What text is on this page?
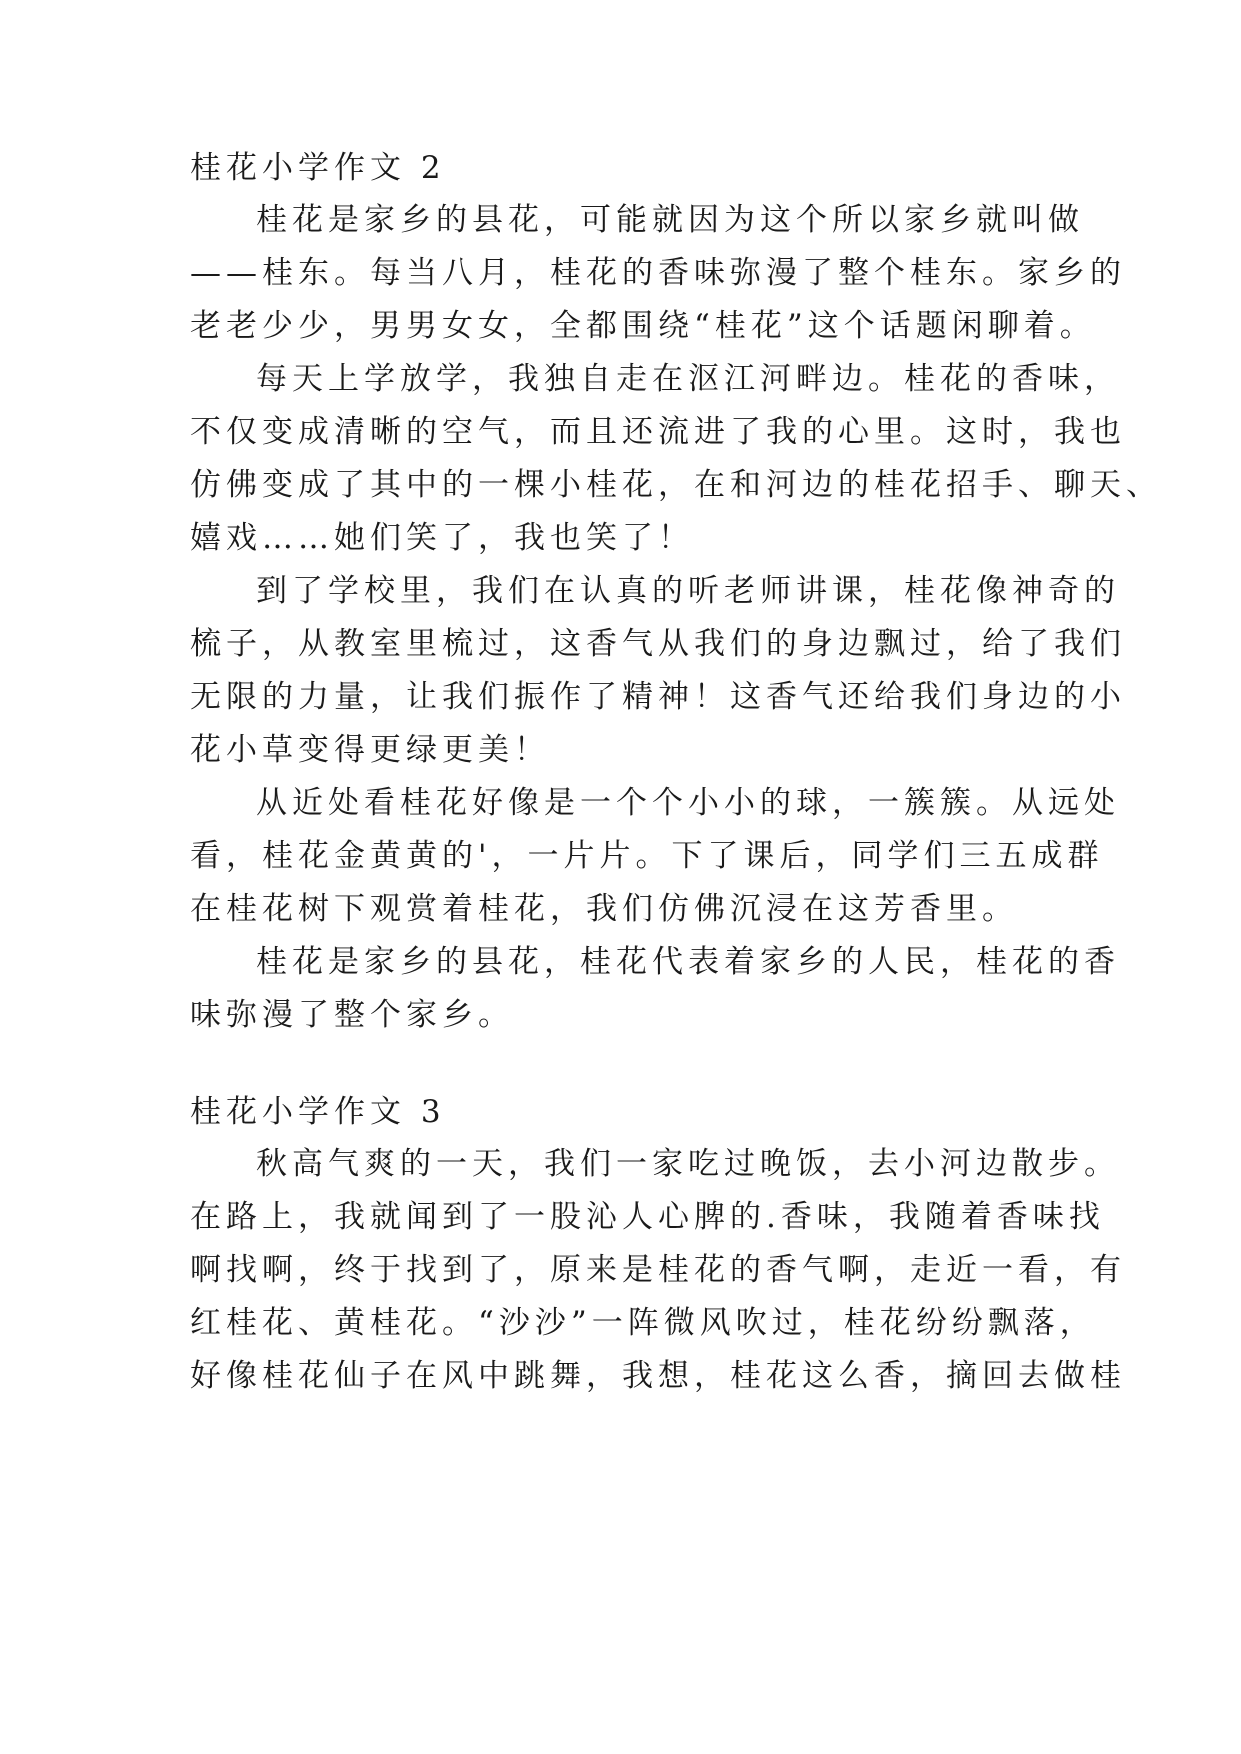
桂花小学作文 2
桂花是家乡的县花，可能就因为这个所以家乡就叫做
——桂东。每当八月，桂花的香味弥漫了整个桂东。家乡的
老老少少，男男女女，全都围绕“桂花”这个话题闲聊着。
每天上学放学，我独自走在沤江河畔边。桂花的香味，
不仅变成清晰的空气，而且还流进了我的心里。这时，我也
仿佛变成了其中的一棵小桂花，在和河边的桂花招手、聊天、
嬉戏……她们笑了，我也笑了！
到了学校里，我们在认真的听老师讲课，桂花像神奇的
梳子，从教室里梳过，这香气从我们的身边飘过，给了我们
无限的力量，让我们振作了精神！这香气还给我们身边的小
花小草变得更绿更美！
从近处看桂花好像是一个个小小的球，一簇簇。从远处
看，桂花金黄黄的'，一片片。下了课后，同学们三五成群
在桂花树下观赏着桂花，我们仿佛沉浸在这芳香里。
桂花是家乡的县花，桂花代表着家乡的人民，桂花的香
味弥漫了整个家乡。
桂花小学作文 3
秋高气爽的一天，我们一家吃过晚饭，去小河边散步。
在路上，我就闻到了一股沁人心脾的.香味，我随着香味找
啊找啊，终于找到了，原来是桂花的香气啊，走近一看，有
红桂花、黄桂花。“沙沙”一阵微风吹过，桂花纷纷飘落，
好像桂花仙子在风中跳舞，我想，桂花这么香，摘回去做桂
